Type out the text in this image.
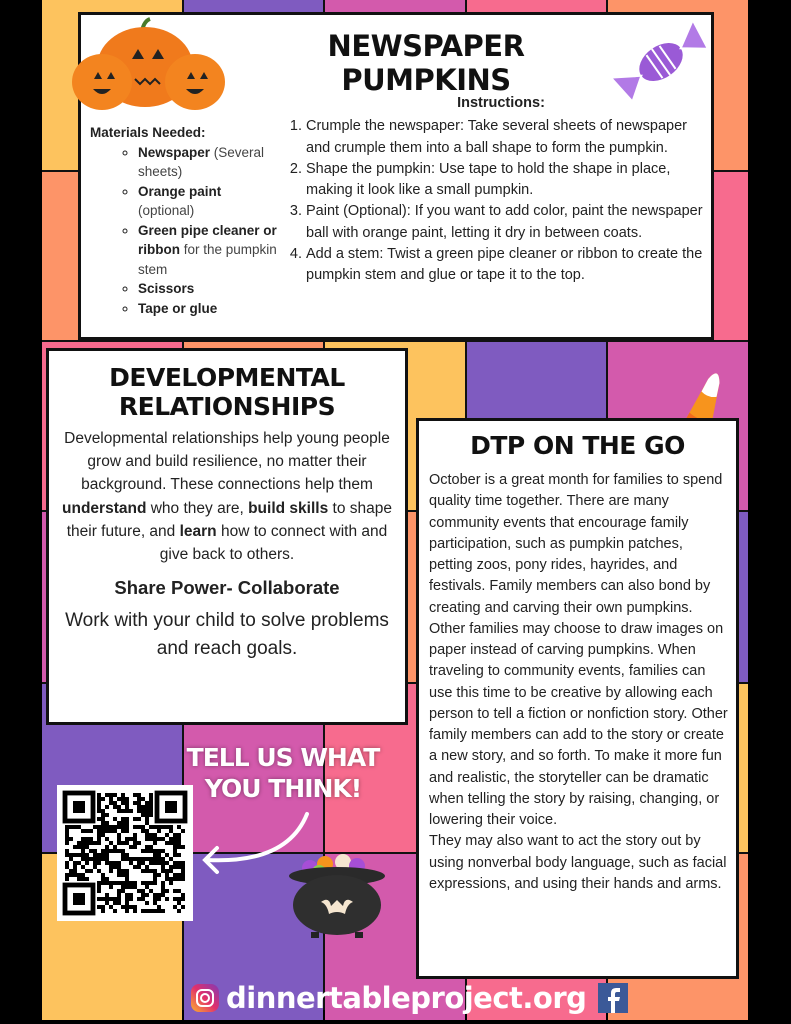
NEWSPAPER PUMPKINS
Materials Needed:
◦ Newspaper (Several sheets)
◦ Orange paint (optional)
◦ Green pipe cleaner or ribbon for the pumpkin stem
◦ Scissors
◦ Tape or glue
Instructions:
1. Crumple the newspaper: Take several sheets of newspaper and crumple them into a ball shape to form the pumpkin.
2. Shape the pumpkin: Use tape to hold the shape in place, making it look like a small pumpkin.
3. Paint (Optional): If you want to add color, paint the newspaper ball with orange paint, letting it dry in between coats.
4. Add a stem: Twist a green pipe cleaner or ribbon to create the pumpkin stem and glue or tape it to the top.
DEVELOPMENTAL RELATIONSHIPS

Developmental relationships help young people grow and build resilience, no matter their background. These connections help them understand who they are, build skills to shape their future, and learn how to connect with and give back to others.

Share Power- Collaborate

Work with your child to solve problems and reach goals.

DTP ON THE GO

October is a great month for families to spend quality time together. There are many community events that encourage family participation, such as pumpkin patches, petting zoos, pony rides, hayrides, and festivals. Family members can also bond by creating and carving their own pumpkins. Other families may choose to draw images on paper instead of carving pumpkins. When traveling to community events, families can use this time to be creative by allowing each person to tell a fiction or nonfiction story. Other family members can add to the story or create a new story, and so forth. To make it more fun and realistic, the storyteller can be dramatic when telling the story by raising, changing, or lowering their voice.

They may also want to act the story out by using nonverbal body language, such as facial expressions, and using their hands and arms.

TELL US WHAT YOU THINK!
dinnertableproject.org
